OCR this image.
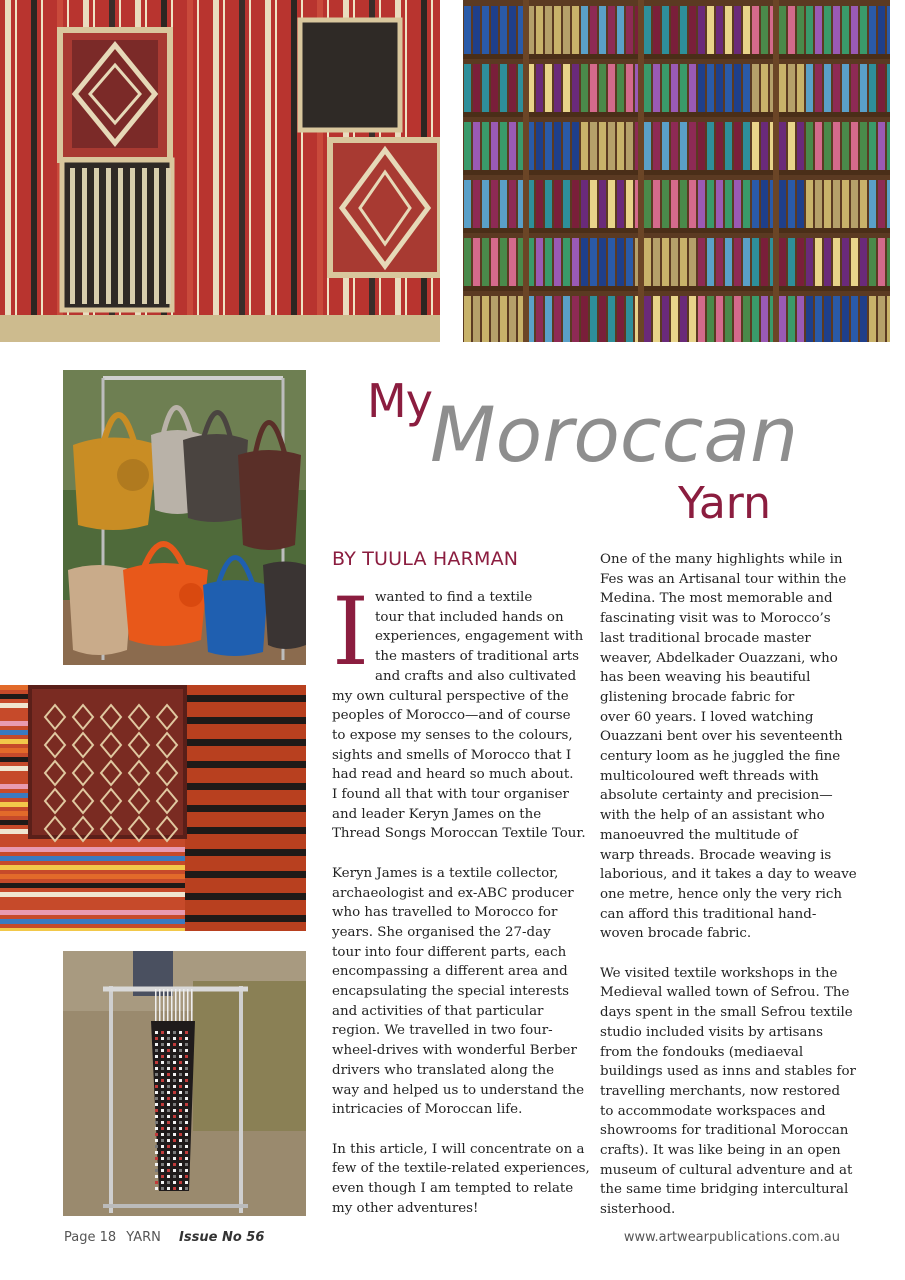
My
Moroccan
Yarn
BY TUULA HARMAN
I wanted to find a textile
tour that included hands on
experiences, engagement with
the masters of traditional arts
and crafts and also cultivated
my own cultural perspective of the
peoples of Morocco—and of course
to expose my senses to the colours,
sights and smells of Morocco that I
had read and heard so much about.
I found all that with tour organiser
and leader Keryn James on the
Thread Songs Moroccan Textile Tour.

Keryn James is a textile collector,
archaeologist and ex-ABC producer
who has travelled to Morocco for
years. She organised the 27-day
tour into four different parts, each
encompassing a different area and
encapsulating the special interests
and activities of that particular
region. We travelled in two four-
wheel-drives with wonderful Berber
drivers who translated along the
way and helped us to understand the
intricacies of Moroccan life.

In this article, I will concentrate on a
few of the textile-related experiences,
even though I am tempted to relate
my other adventures!

One of the many highlights while in
Fes was an Artisanal tour within the
Medina. The most memorable and
fascinating visit was to Morocco’s
last traditional brocade master
weaver, Abdelkader Ouazzani, who
has been weaving his beautiful
glistening brocade fabric for
over 60 years. I loved watching
Ouazzani bent over his seventeenth
century loom as he juggled the fine
multicoloured weft threads with
absolute certainty and precision—
with the help of an assistant who
manoeuvred the multitude of
warp threads. Brocade weaving is
laborious, and it takes a day to weave
one metre, hence only the very rich
can afford this traditional hand-
woven brocade fabric.

We visited textile workshops in the
Medieval walled town of Sefrou. The
days spent in the small Sefrou textile
studio included visits by artisans
from the fondouks (mediaeval
buildings used as inns and stables for
travelling merchants, now restored
to accommodate workspaces and
showrooms for traditional Moroccan
crafts). It was like being in an open
museum of cultural adventure and at
the same time bridging intercultural
sisterhood.

Page 18 YARN Issue No 56	www.artwearpublications.com.au
